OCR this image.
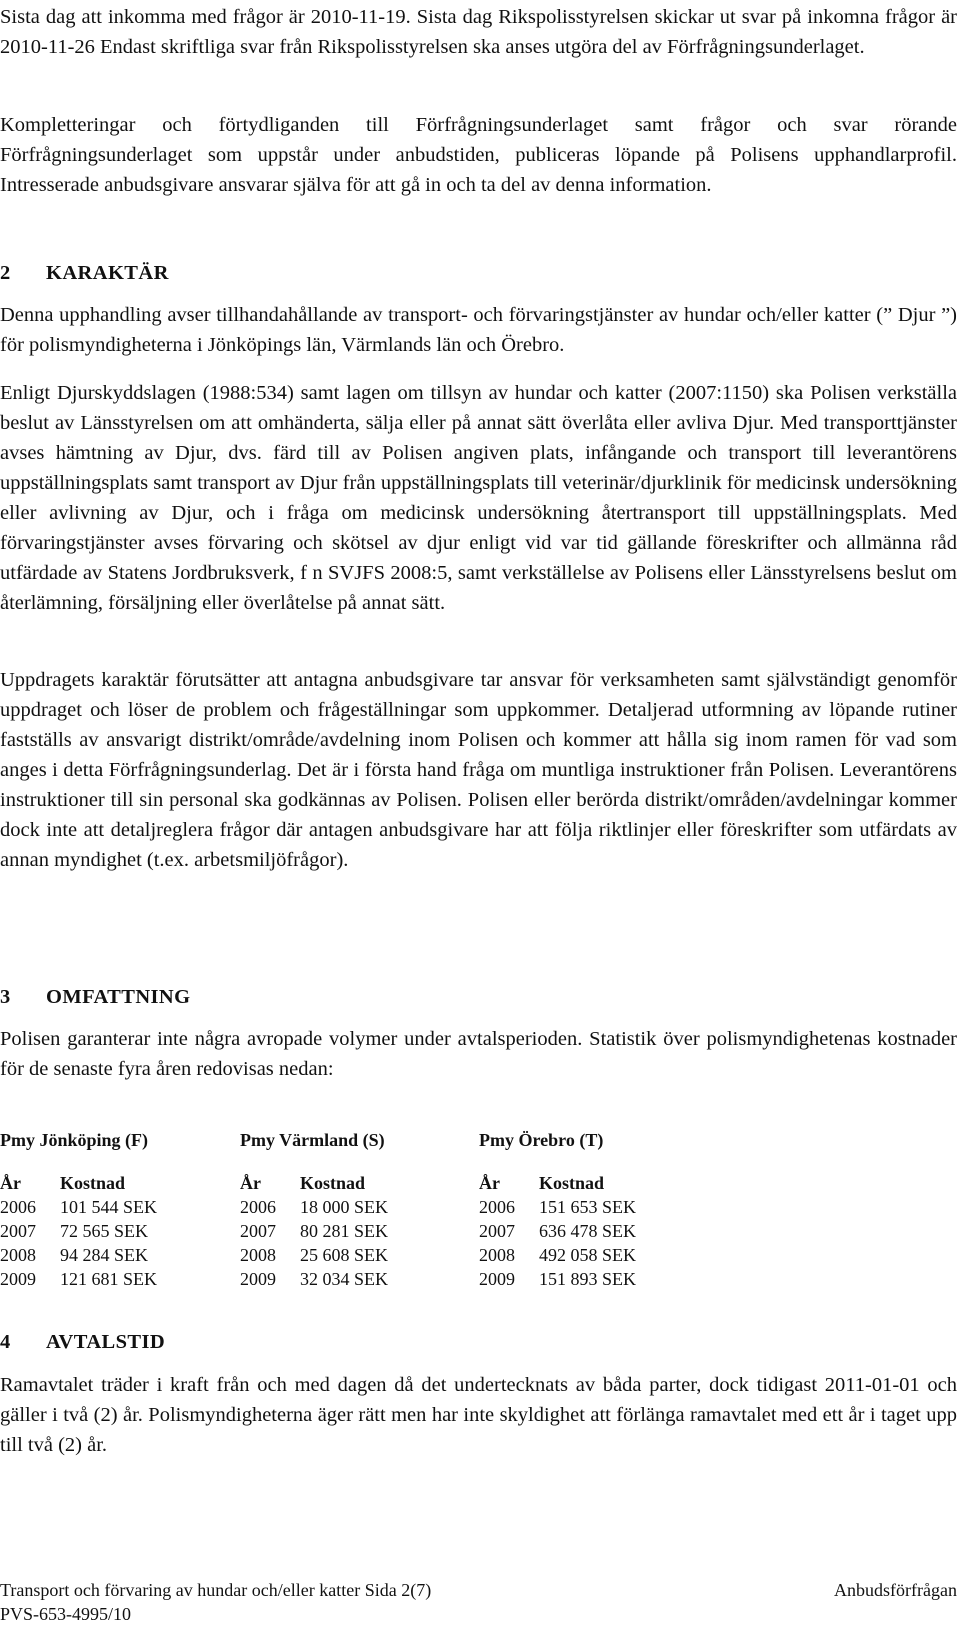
Sista dag att inkomma med frågor är 2010-11-19. Sista dag Rikspolisstyrelsen skickar ut svar på inkomna frågor är 2010-11-26 Endast skriftliga svar från Rikspolisstyrelsen ska anses utgöra del av Förfrågningsunderlaget.

Kompletteringar och förtydliganden till Förfrågningsunderlaget samt frågor och svar rörande Förfrågningsunderlaget som uppstår under anbudstiden, publiceras löpande på Polisens upphandlarprofil. Intresserade anbudsgivare ansvarar själva för att gå in och ta del av denna information.

2 KARAKTÄR

Denna upphandling avser tillhandahållande av transport- och förvaringstjänster av hundar och/eller katter (” Djur ”) för polismyndigheterna i Jönköpings län, Värmlands län och Örebro.

Enligt Djurskyddslagen (1988:534) samt lagen om tillsyn av hundar och katter (2007:1150) ska Polisen verkställa beslut av Länsstyrelsen om att omhänderta, sälja eller på annat sätt överlåta eller avliva Djur. Med transporttjänster avses hämtning av Djur, dvs. färd till av Polisen angiven plats, infångande och transport till leverantörens uppställningsplats samt transport av Djur från uppställningsplats till veterinär/djurklinik för medicinsk undersökning eller avlivning av Djur, och i fråga om medicinsk undersökning återtransport till uppställningsplats. Med förvaringstjänster avses förvaring och skötsel av djur enligt vid var tid gällande föreskrifter och allmänna råd utfärdade av Statens Jordbruksverk, f n SVJFS 2008:5, samt verkställelse av Polisens eller Länsstyrelsens beslut om återlämning, försäljning eller överlåtelse på annat sätt.

Uppdragets karaktär förutsätter att antagna anbudsgivare tar ansvar för verksamheten samt självständigt genomför uppdraget och löser de problem och frågeställningar som uppkommer. Detaljerad utformning av löpande rutiner fastställs av ansvarigt distrikt/område/avdelning inom Polisen och kommer att hålla sig inom ramen för vad som anges i detta Förfrågningsunderlag. Det är i första hand fråga om muntliga instruktioner från Polisen. Leverantörens instruktioner till sin personal ska godkännas av Polisen. Polisen eller berörda distrikt/områden/avdelningar kommer dock inte att detaljreglera frågor där antagen anbudsgivare har att följa riktlinjer eller föreskrifter som utfärdats av annan myndighet (t.ex. arbetsmiljöfrågor).

3 OMFATTNING

Polisen garanterar inte några avropade volymer under avtalsperioden. Statistik över polismyndighetenas kostnader för de senaste fyra åren redovisas nedan:

Pmy Jönköping (F)
År Kostnad
2006 101 544 SEK
2007 72 565 SEK
2008 94 284 SEK
2009 121 681 SEK
Pmy Värmland (S)
År Kostnad
2006 18 000 SEK
2007 80 281 SEK
2008 25 608 SEK
2009 32 034 SEK
Pmy Örebro (T)
År Kostnad
2006 151 653 SEK
2007 636 478 SEK
2008 492 058 SEK
2009 151 893 SEK
4 AVTALSTID

Ramavtalet träder i kraft från och med dagen då det undertecknats av båda parter, dock tidigast 2011-01-01 och gäller i två (2) år. Polismyndigheterna äger rätt men har inte skyldighet att förlänga ramavtalet med ett år i taget upp till två (2) år.

Transport och förvaring av hundar och/eller katter Sida 2(7)	Anbudsförfrågan
PVS-653-4995/10
